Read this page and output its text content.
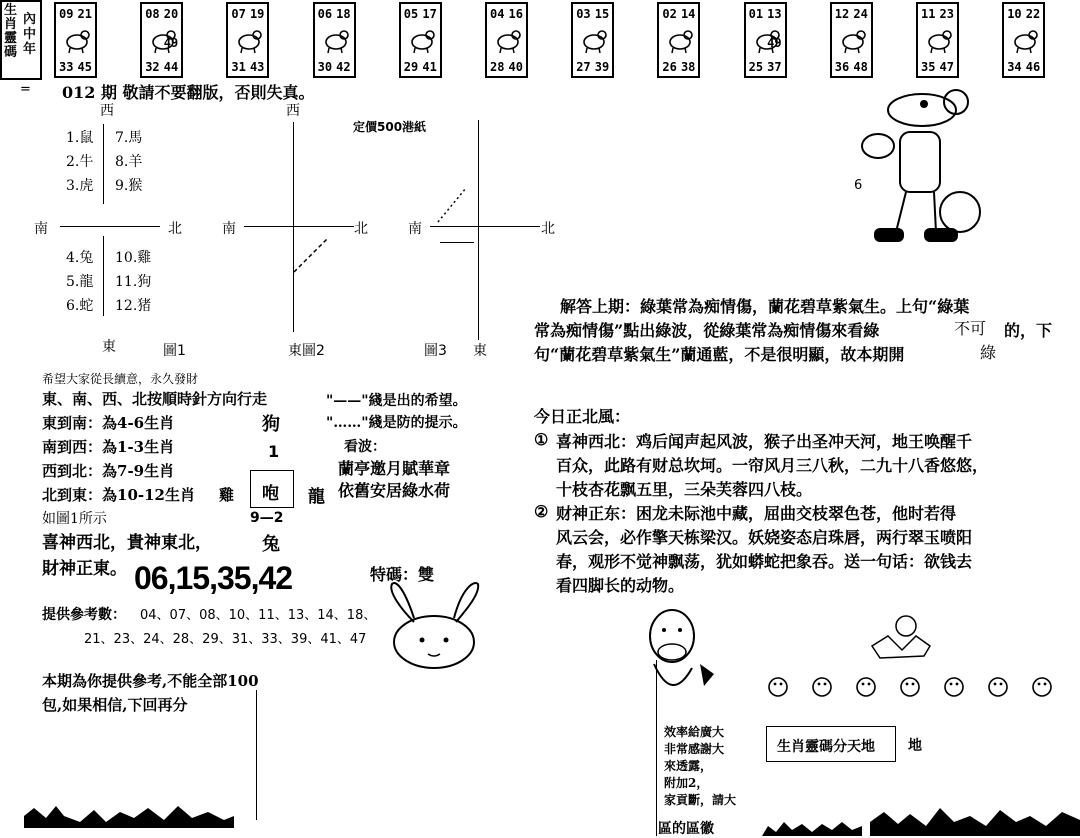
生
肖
靈
碼
內
中
年
09 21
33 45
08 20
32 44
49
07 19
31 43
06 18
30 42
05 17
29 41
04 16
28 40
03 15
27 39
02 14
26 38
01 13
25 37
49
12 24
36 48
11 23
35 47
10 22
34 46
012 期 敬請不要翻版，否則失真。
=
定價500港紙
西
1.鼠
2.牛
3.虎
7.馬
8.羊
9.猴
南	北
4.兔
5.龍
6.蛇
10.雞
11.狗
12.猪
東	圖1
西
南	北
東 圖2
南	北
圖3 東
希望大家從長續意，永久發財
東、南、西、北按順時針方向行走
東到南：為4-6生肖
南到西：為1-3生肖
西到北：為7-9生肖
北到東：為10-12生肖 雞
如圖1所示
喜神西北，貴神東北，
財神正東。 06,15,35,42
提供參考數： 04、07、08、10、11、13、14、18、
21、23、24、28、29、31、33、39、41、47
本期為你提供參考,不能全部100
包,如果相信,下回再分
"——"綫是出的希望。
"……"綫是防的提示。
看波：
蘭亭邀月賦華章
依舊安居綠水荷
狗
1
咆 龍
9—2
兔
特碼：雙
6
解答上期：綠葉常為痴情傷，蘭花碧草紫氣生。上句“綠葉
常為痴情傷”點出綠波，從綠葉常為痴情傷來看綠	不可 的，下
句“蘭花碧草紫氣生”蘭通藍，不是很明顯，故本期開	綠
今日正北風：
① 喜神西北：鸡后闻声起风波，猴子出圣冲天河，地王唤醒千
百众，此路有财总坎坷。一帘风月三八秋，二九十八香悠悠，
十枝杏花飘五里，三朵芙蓉四八枝。
② 财神正东：困龙未际池中藏，屈曲交枝翠色苍，他时若得
风云会，必作擎天栋梁汉。妖娆姿态启珠唇，两行翠玉喷阳
春，观形不觉神飘荡，犹如蟒蛇把象吞。送一句话：欲钱去
看四脚长的动物。
效率給廣大
非常感謝大
來透露，
附加2，
家貢斷，請大
生肖靈碼分天地 地
區的區徽
